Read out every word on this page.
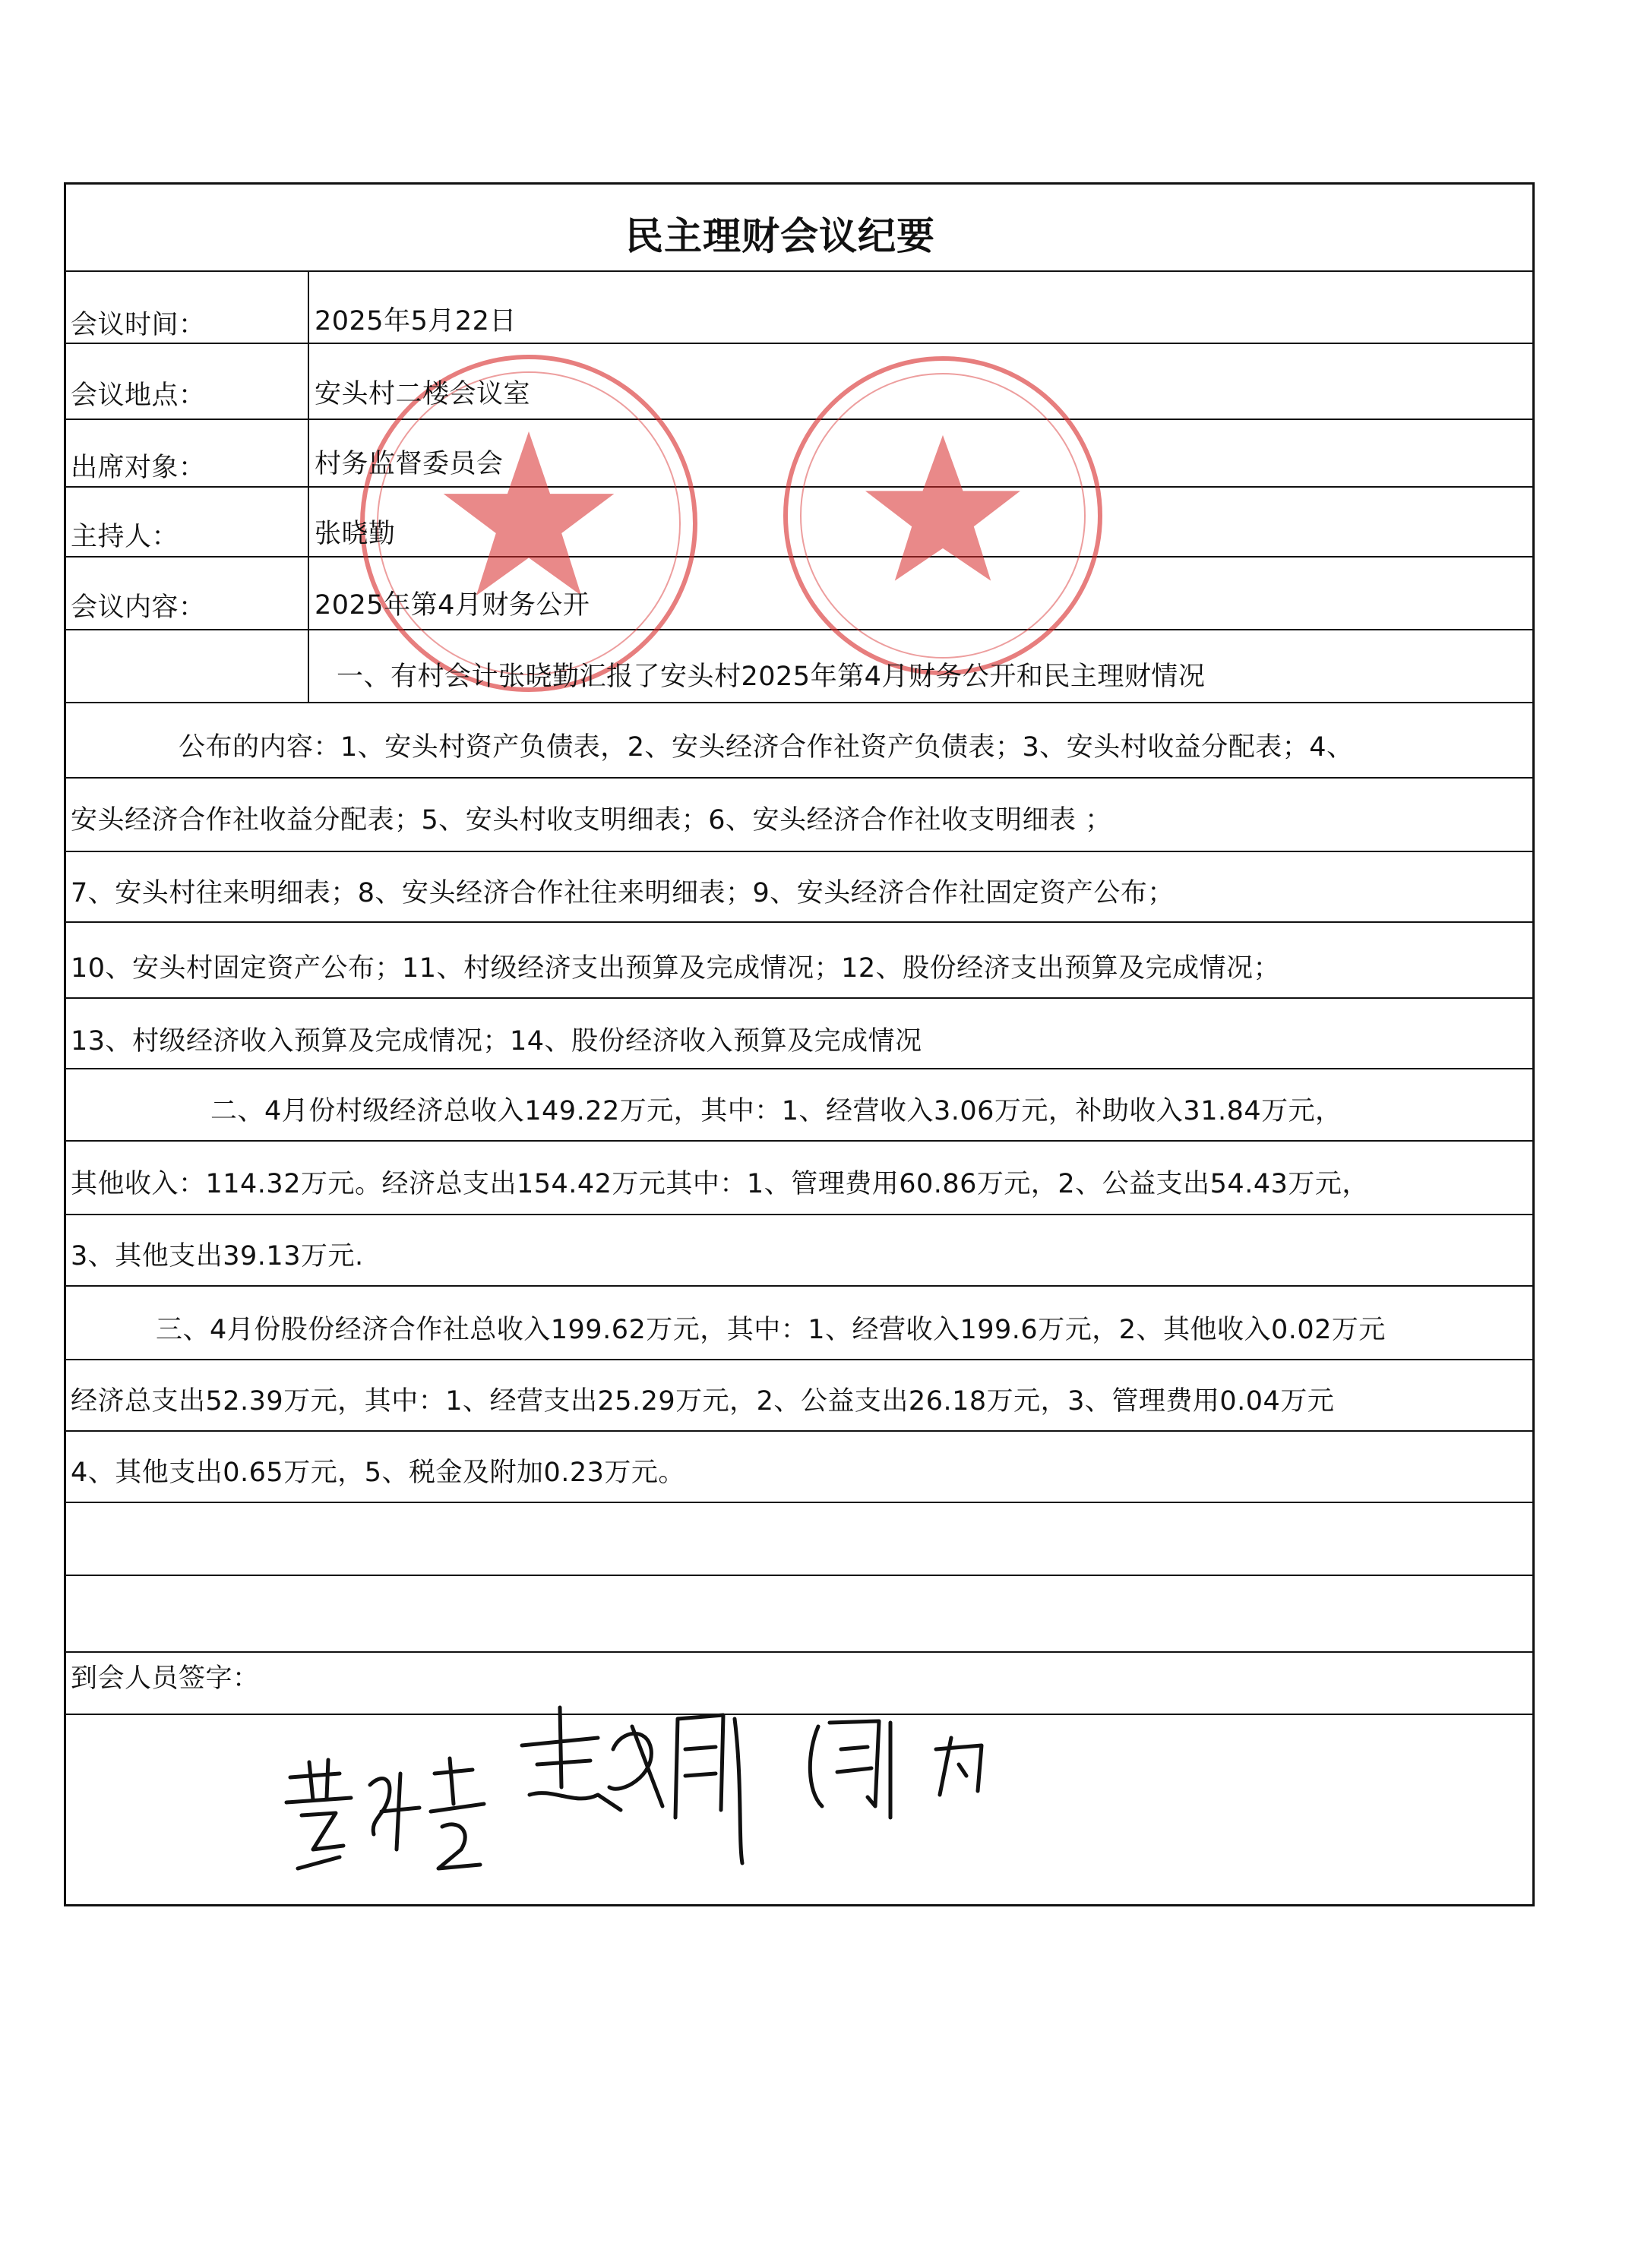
民主理财会议纪要
会议时间：	2025年5月22日
会议地点：	安头村二楼会议室
出席对象：	村务监督委员会
主持人：	张晓勤
会议内容：	2025年第4月财务公开
一、有村会计张晓勤汇报了安头村2025年第4月财务公开和民主理财情况
公布的内容：1、安头村资产负债表，2、安头经济合作社资产负债表；3、安头村收益分配表；4、
安头经济合作社收益分配表；5、安头村收支明细表；6、安头经济合作社收支明细表 ；
7、安头村往来明细表；8、安头经济合作社往来明细表；9、安头经济合作社固定资产公布；
10、安头村固定资产公布；11、村级经济支出预算及完成情况；12、股份经济支出预算及完成情况；
13、村级经济收入预算及完成情况；14、股份经济收入预算及完成情况
二、4月份村级经济总收入149.22万元，其中：1、经营收入3.06万元，补助收入31.84万元，
其他收入：114.32万元。经济总支出154.42万元其中：1、管理费用60.86万元，2、公益支出54.43万元，
3、其他支出39.13万元.
三、4月份股份经济合作社总收入199.62万元，其中：1、经营收入199.6万元，2、其他收入0.02万元
经济总支出52.39万元，其中：1、经营支出25.29万元，2、公益支出26.18万元，3、管理费用0.04万元
4、其他支出0.65万元，5、税金及附加0.23万元。
到会人员签字：
